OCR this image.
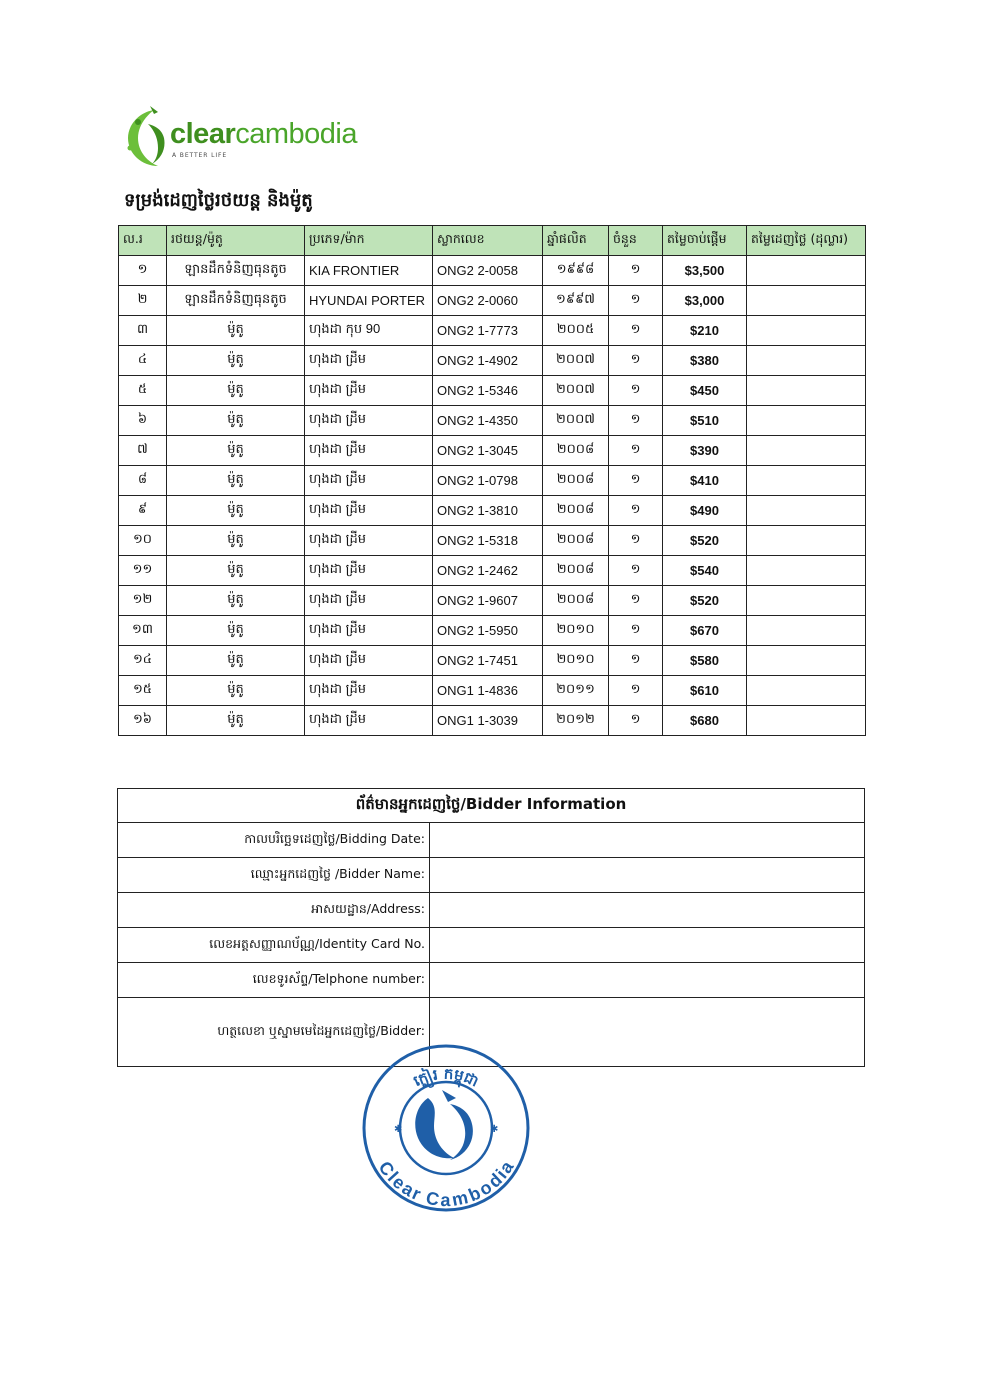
clearcambodia
A BETTER LIFE
ទម្រង់ដេញថ្លៃរថយន្ត និងម៉ូតូ
ល.រ	រថយន្ត/ម៉ូតូ	ប្រភេទ/ម៉ាក	ស្លាកលេខ	ឆ្នាំផលិត	ចំនួន	តម្លៃចាប់ផ្តើម	តម្លៃដេញថ្លៃ (ដុល្លារ)
១	ឡានដឹកទំនិញធុនតូច	KIA FRONTIER	ONG2 2-0058	១៩៩៨	១	$3,500	
២	ឡានដឹកទំនិញធុនតូច	HYUNDAI PORTER	ONG2 2-0060	១៩៩៧	១	$3,000	
៣	ម៉ូតូ	ហុងដា កុប 90	ONG2 1-7773	២០០៥	១	$210	
៤	ម៉ូតូ	ហុងដា ដ្រីម	ONG2 1-4902	២០០៧	១	$380	
៥	ម៉ូតូ	ហុងដា ដ្រីម	ONG2 1-5346	២០០៧	១	$450	
៦	ម៉ូតូ	ហុងដា ដ្រីម	ONG2 1-4350	២០០៧	១	$510	
៧	ម៉ូតូ	ហុងដា ដ្រីម	ONG2 1-3045	២០០៨	១	$390	
៨	ម៉ូតូ	ហុងដា ដ្រីម	ONG2 1-0798	២០០៨	១	$410	
៩	ម៉ូតូ	ហុងដា ដ្រីម	ONG2 1-3810	២០០៨	១	$490	
១០	ម៉ូតូ	ហុងដា ដ្រីម	ONG2 1-5318	២០០៨	១	$520	
១១	ម៉ូតូ	ហុងដា ដ្រីម	ONG2 1-2462	២០០៨	១	$540	
១២	ម៉ូតូ	ហុងដា ដ្រីម	ONG2 1-9607	២០០៨	១	$520	
១៣	ម៉ូតូ	ហុងដា ដ្រីម	ONG2 1-5950	២០១០	១	$670	
១៤	ម៉ូតូ	ហុងដា ដ្រីម	ONG2 1-7451	២០១០	១	$580	
១៥	ម៉ូតូ	ហុងដា ដ្រីម	ONG1 1-4836	២០១១	១	$610	
១៦	ម៉ូតូ	ហុងដា ដ្រីម	ONG1 1-3039	២០១២	១	$680	
ព័ត៌មានអ្នកដេញថ្លៃ/Bidder Information	
កាលបរិច្ឆេទដេញថ្លៃ/Bidding Date:	
ឈ្មោះអ្នកដេញថ្លៃ /Bidder Name:	
អាសយដ្ឋាន/Address:	
លេខអត្តសញ្ញាណប័ណ្ណ/Identity Card No.	
លេខទូរស័ព្ទ/Telphone number:	
ហត្ថលេខា ឬស្នាមមេដៃអ្នកដេញថ្លៃ/Bidder:	
✱	✱
ក្លៀរ កម្ពុជា
Clear Cambodia
